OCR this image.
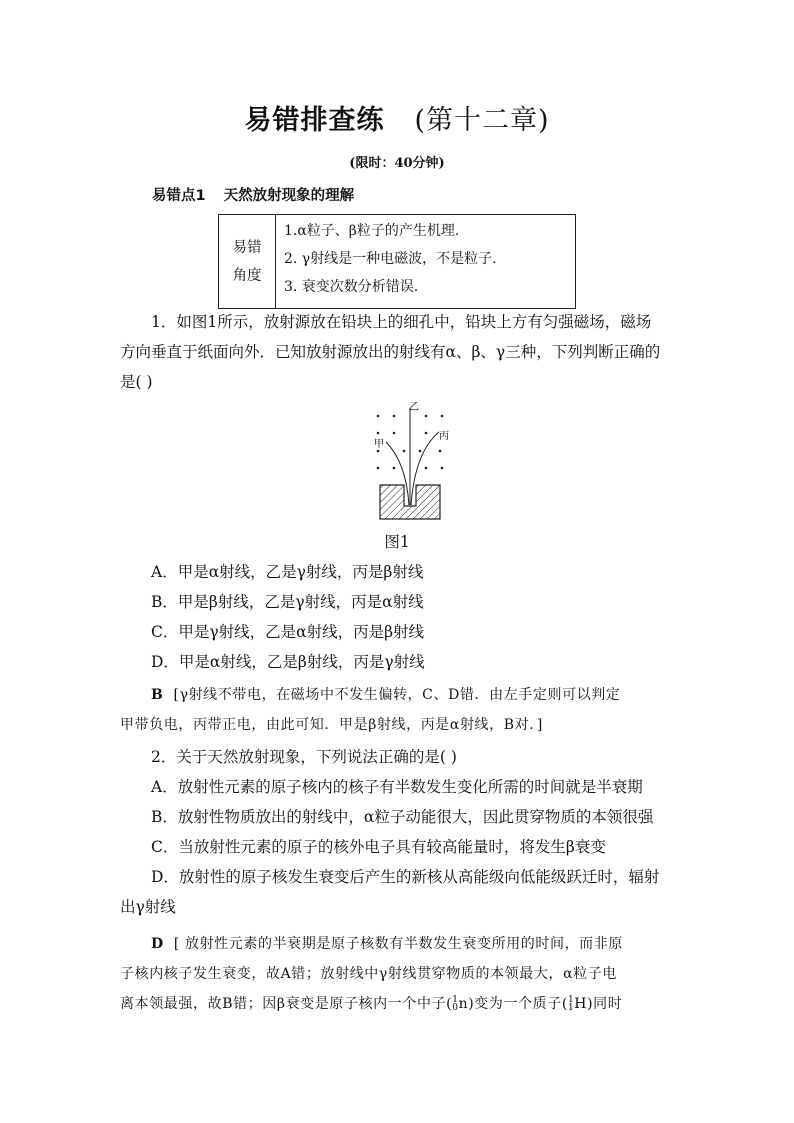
易错排查练 (第十二章)
(限时：40分钟)
易错点1 天然放射现象的理解
易错
角度

1.α粒子、β粒子的产生机理.
2. γ射线是一种电磁波，不是粒子.
3. 衰变次数分析错误.
1．如图1所示，放射源放在铅块上的细孔中，铅块上方有匀强磁场，磁场
方向垂直于纸面向外．已知放射源放出的射线有α、β、γ三种，下列判断正确的
是( )
乙
甲
丙
图1
A．甲是α射线，乙是γ射线，丙是β射线
B．甲是β射线，乙是γ射线，丙是α射线
C．甲是γ射线，乙是α射线，丙是β射线
D．甲是α射线，乙是β射线，丙是γ射线
B [γ射线不带电，在磁场中不发生偏转，C、D错．由左手定则可以判定
甲带负电，丙带正电，由此可知．甲是β射线，丙是α射线，B对．]
2．关于天然放射现象，下列说法正确的是( )
A．放射性元素的原子核内的核子有半数发生变化所需的时间就是半衰期
B．放射性物质放出的射线中，α粒子动能很大，因此贯穿物质的本领很强
C．当放射性元素的原子的核外电子具有较高能量时，将发生β衰变
D．放射性的原子核发生衰变后产生的新核从高能级向低能级跃迁时，辐射
出γ射线
D [ 放射性元素的半衰期是原子核数有半数发生衰变所用的时间，而非原
子核内核子发生衰变，故A错；放射线中γ射线贯穿物质的本领最大，α粒子电
离本领最强，故B错；因β衰变是原子核内一个中子( 1
0 n)变为一个质子( 1
1 H)同时
